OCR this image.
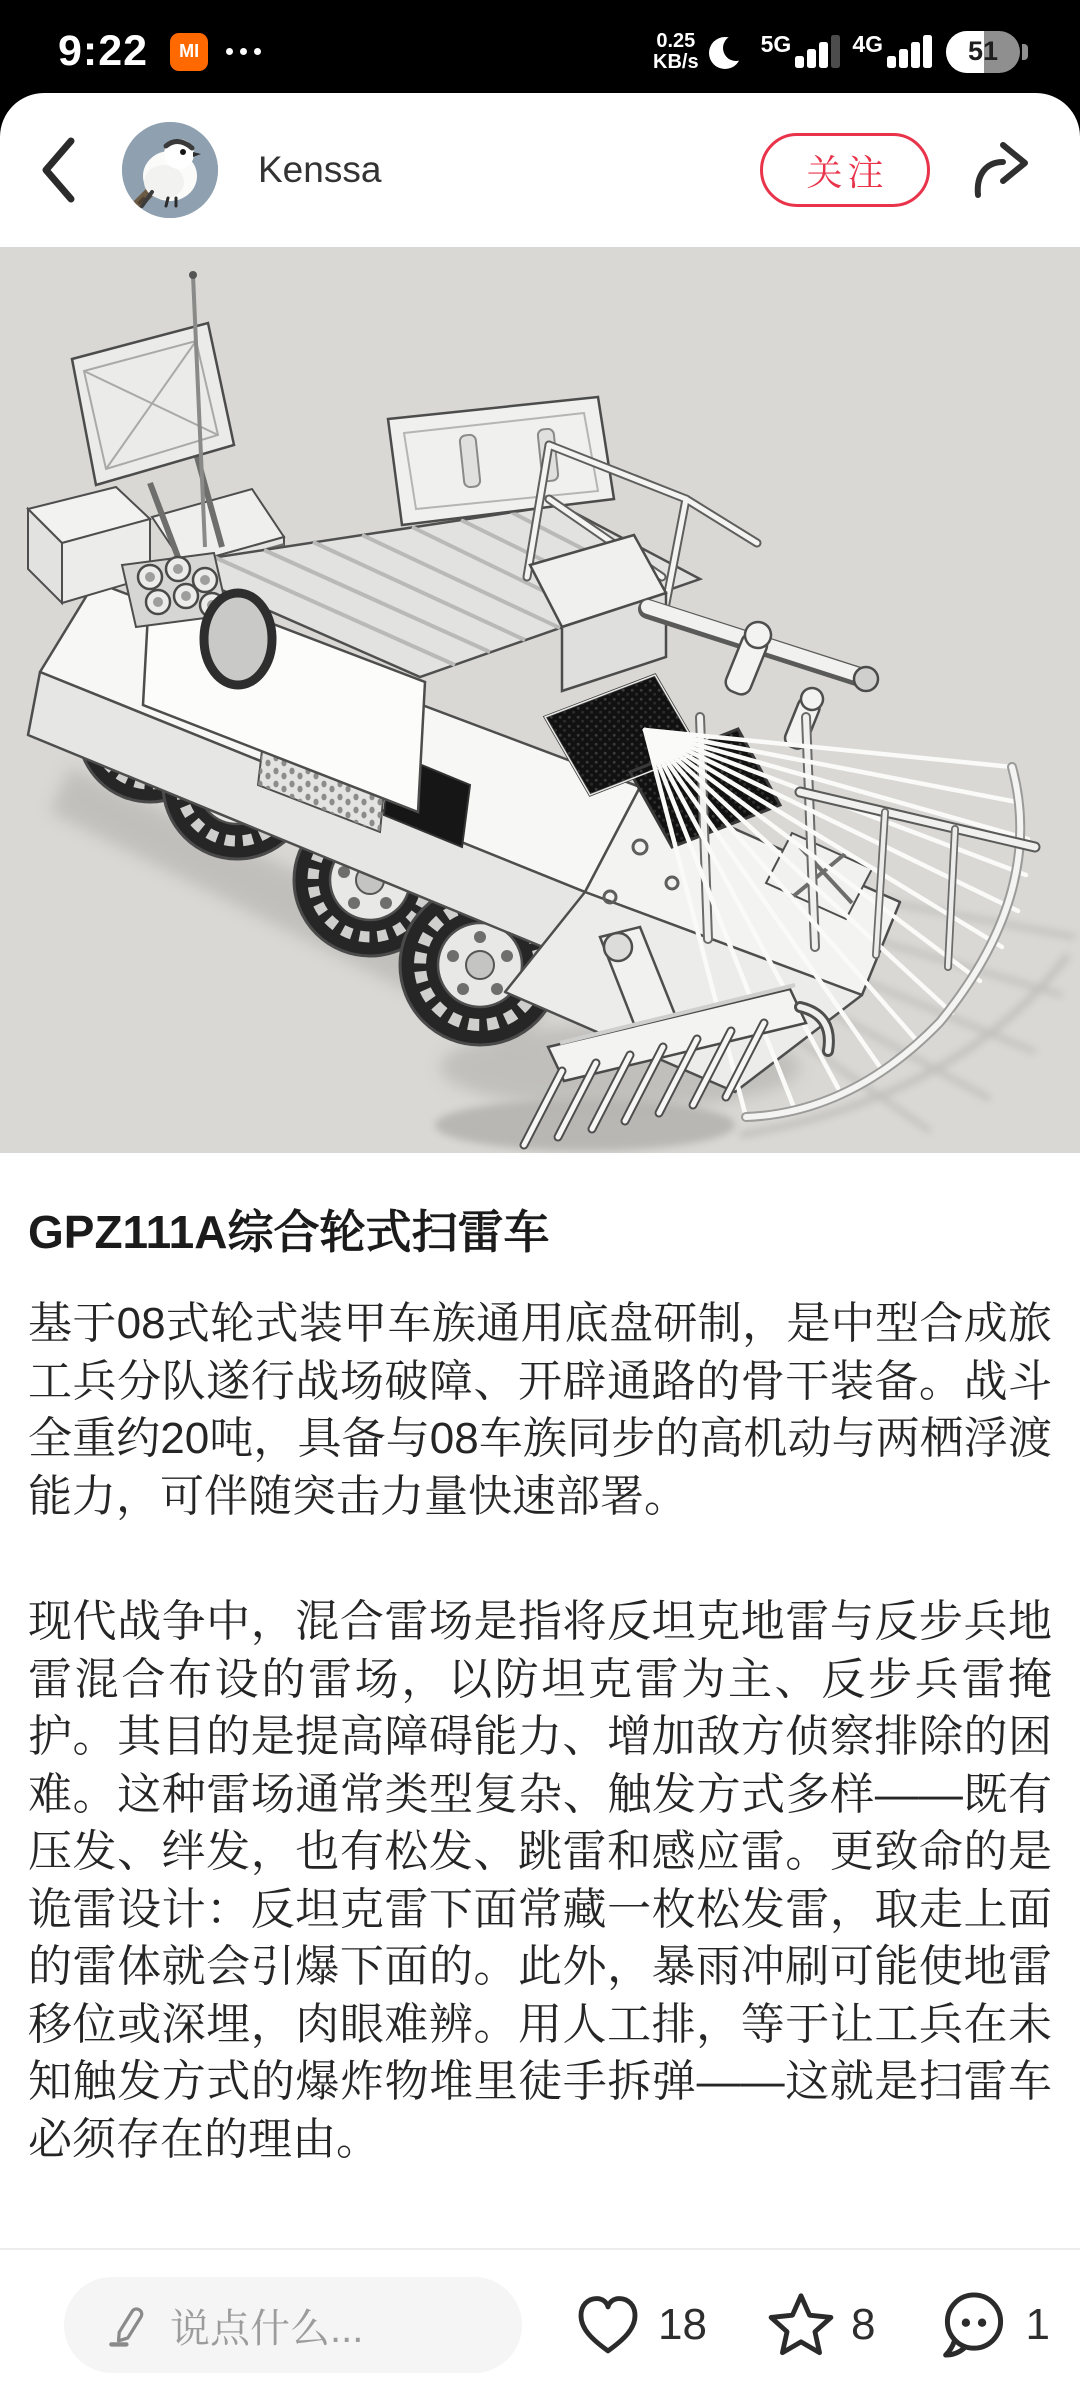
9:22 MI	0.25
KB/s
5G	4G	51
Kenssa	关注
GPZ111A综合轮式扫雷车

基于08式轮式装甲车族通用底盘研制，是中型合成旅工兵分队遂行战场破障、开辟通路的骨干装备。战斗全重约20吨，具备与08车族同步的高机动与两栖浮渡能力，可伴随突击力量快速部署。

现代战争中，混合雷场是指将反坦克地雷与反步兵地雷混合布设的雷场，以防坦克雷为主、反步兵雷掩护。其目的是提高障碍能力、增加敌方侦察排除的困难。这种雷场通常类型复杂、触发方式多样——既有压发、绊发，也有松发、跳雷和感应雷。更致命的是诡雷设计：反坦克雷下面常藏一枚松发雷，取走上面的雷体就会引爆下面的。此外，暴雨冲刷可能使地雷移位或深埋，肉眼难辨。用人工排，等于让工兵在未知触发方式的爆炸物堆里徒手拆弹——这就是扫雷车必须存在的理由。

说点什么...	18	8	1
